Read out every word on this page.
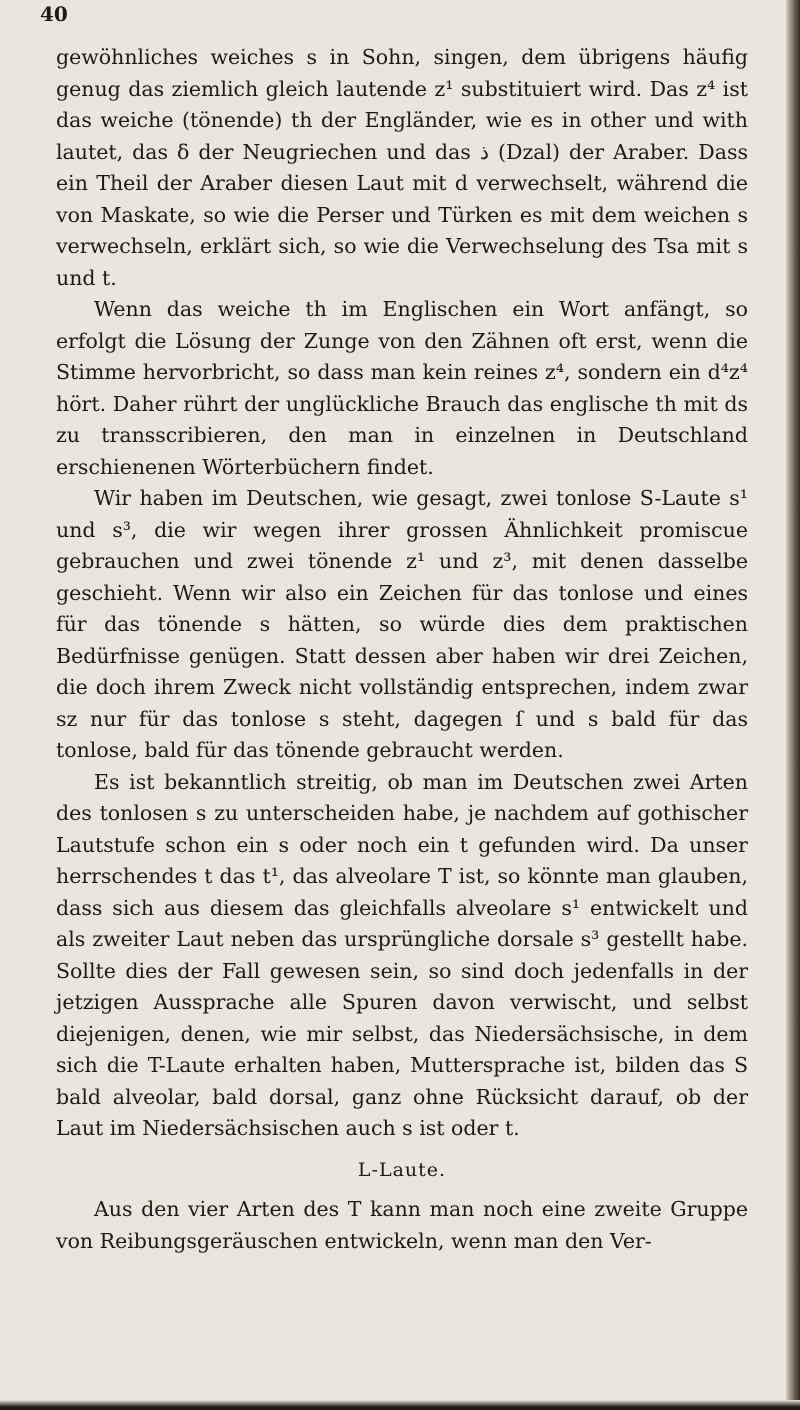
40

gewöhnliches weiches s in Sohn, singen, dem übrigens häufig genug das ziemlich gleich lautende z¹ substituiert wird. Das z⁴ ist das weiche (tönende) th der Engländer, wie es in other und with lautet, das δ der Neugriechen und das ذ (Dzal) der Araber. Dass ein Theil der Araber diesen Laut mit d verwechselt, während die von Maskate, so wie die Perser und Türken es mit dem weichen s verwechseln, erklärt sich, so wie die Verwechselung des Tsa mit s und t.

Wenn das weiche th im Englischen ein Wort anfängt, so erfolgt die Lösung der Zunge von den Zähnen oft erst, wenn die Stimme hervorbricht, so dass man kein reines z⁴, sondern ein d⁴z⁴ hört. Daher rührt der unglückliche Brauch das englische th mit ds zu transscribieren, den man in einzelnen in Deutschland erschienenen Wörterbüchern findet.

Wir haben im Deutschen, wie gesagt, zwei tonlose S-Laute s¹ und s³, die wir wegen ihrer grossen Ähnlichkeit promiscue gebrauchen und zwei tönende z¹ und z³, mit denen dasselbe geschieht. Wenn wir also ein Zeichen für das tonlose und eines für das tönende s hätten, so würde dies dem praktischen Bedürfnisse genügen. Statt dessen aber haben wir drei Zeichen, die doch ihrem Zweck nicht vollständig entsprechen, indem zwar sz nur für das tonlose s steht, dagegen ſ und s bald für das tonlose, bald für das tönende gebraucht werden.

Es ist bekanntlich streitig, ob man im Deutschen zwei Arten des tonlosen s zu unterscheiden habe, je nachdem auf gothischer Lautstufe schon ein s oder noch ein t gefunden wird. Da unser herrschendes t das t¹, das alveolare T ist, so könnte man glauben, dass sich aus diesem das gleichfalls alveolare s¹ entwickelt und als zweiter Laut neben das ursprüngliche dorsale s³ gestellt habe. Sollte dies der Fall gewesen sein, so sind doch jedenfalls in der jetzigen Aussprache alle Spuren davon verwischt, und selbst diejenigen, denen, wie mir selbst, das Niedersächsische, in dem sich die T-Laute erhalten haben, Muttersprache ist, bilden das S bald alveolar, bald dorsal, ganz ohne Rücksicht darauf, ob der Laut im Niedersächsischen auch s ist oder t.

L-Laute.

Aus den vier Arten des T kann man noch eine zweite Gruppe von Reibungsgeräuschen entwickeln, wenn man den Ver-
